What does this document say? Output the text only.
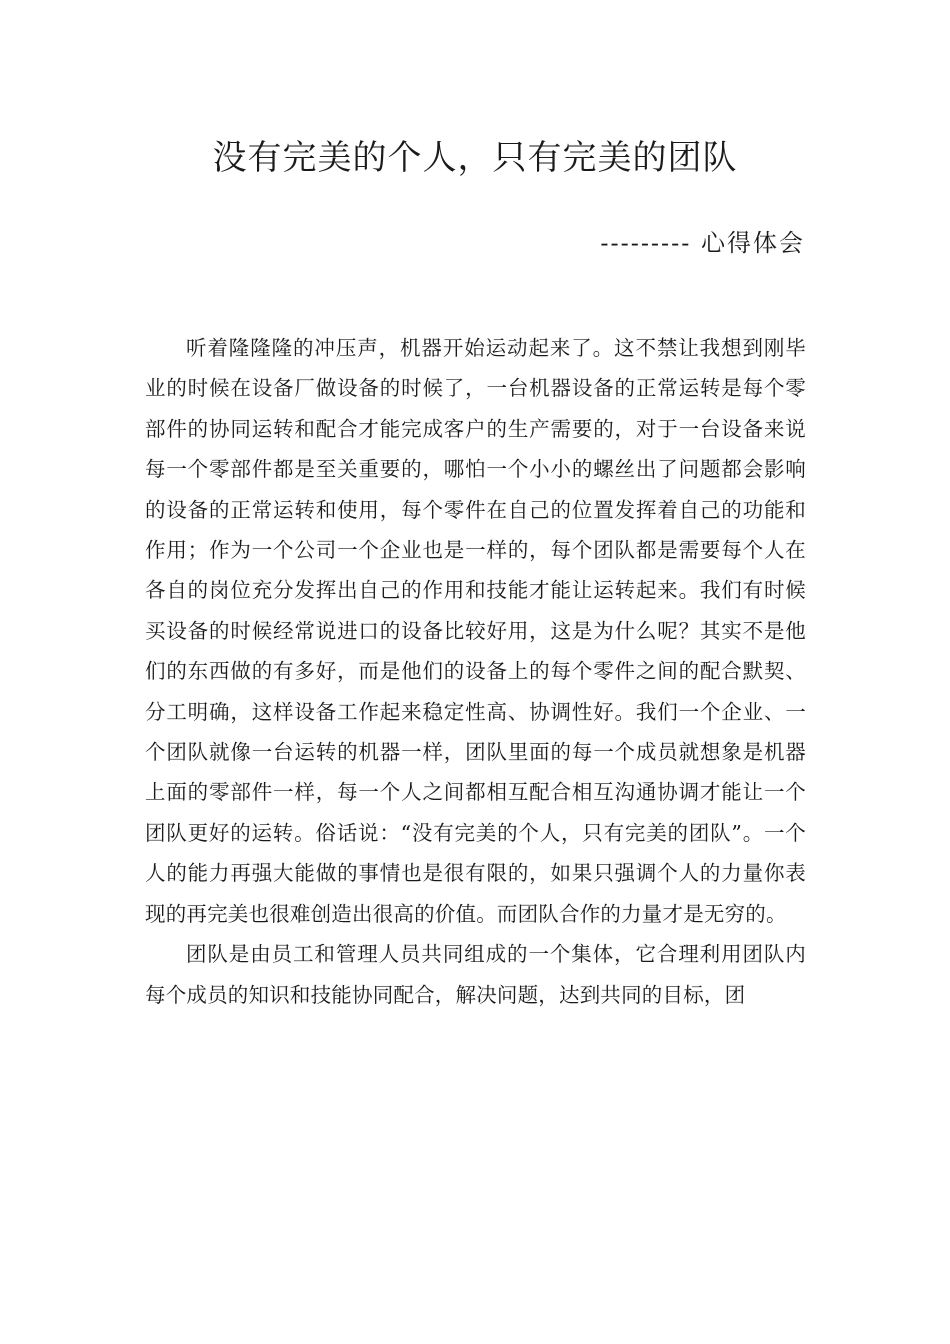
没有完美的个人，只有完美的团队
--------- 心得体会

听着隆隆隆的冲压声，机器开始运动起来了。这不禁让我想到刚毕业的时候在设备厂做设备的时候了，一台机器设备的正常运转是每个零部件的协同运转和配合才能完成客户的生产需要的，对于一台设备来说每一个零部件都是至关重要的，哪怕一个小小的螺丝出了问题都会影响的设备的正常运转和使用，每个零件在自己的位置发挥着自己的功能和作用；作为一个公司一个企业也是一样的，每个团队都是需要每个人在各自的岗位充分发挥出自己的作用和技能才能让运转起来。我们有时候买设备的时候经常说进口的设备比较好用，这是为什么呢？其实不是他们的东西做的有多好，而是他们的设备上的每个零件之间的配合默契、分工明确，这样设备工作起来稳定性高、协调性好。我们一个企业、一个团队就像一台运转的机器一样，团队里面的每一个成员就想象是机器上面的零部件一样，每一个人之间都相互配合相互沟通协调才能让一个团队更好的运转。俗话说：“没有完美的个人，只有完美的团队”。一个人的能力再强大能做的事情也是很有限的，如果只强调个人的力量你表现的再完美也很难创造出很高的价值。而团队合作的力量才是无穷的。

团队是由员工和管理人员共同组成的一个集体，它合理利用团队内每个成员的知识和技能协同配合，解决问题，达到共同的目标，团
